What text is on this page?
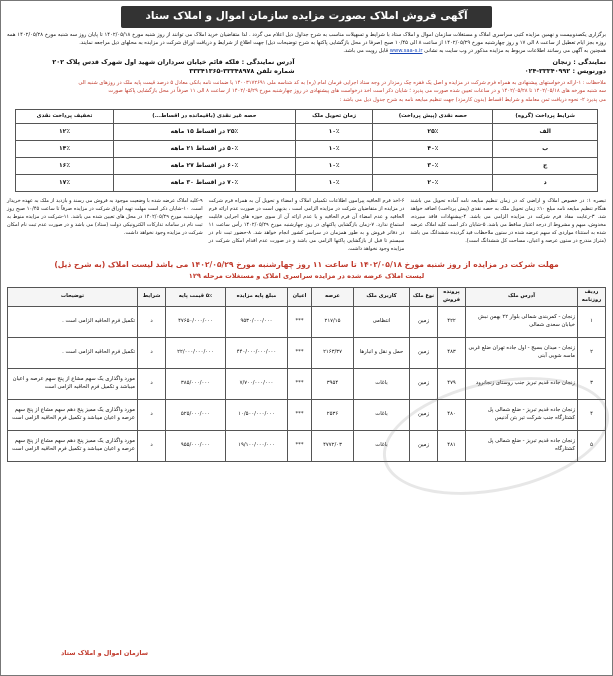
آگهی فروش املاک بصورت مزایده سازمان اموال و املاک ستاد
برگزاری یکصدوبیست و نهمین مزایده کتبی سراسری املاک و مستغلات سازمان اموال و املاک ستاد با شرایط و تسهیلات مناسب به شرح جداول ذیل اعلام می گردد . لذا متقاضیان خرید املاک می توانند از روز شنبه مورخ ۱۴۰۲/۰۵/۱۸ تا پایان روز سه شنبه مورخ ۱۴۰۲/۰۵/۲۸ همه روزه بجز ایام تعطیل از ساعت ۸ الی ۱۷ و روز چهارشنبه مورخ ۱۴۰۲/۰۵/۲۹ از ساعت ۸ الی ۱۰/۴۵ صبح (صرفا در محل بازگشایی پاکتها به شرح توضیحات ذیل) جهت اطلاع از شرایط و دریافت اوراق شرکت در مزایده به محلهای ذیل مراجعه نمایند.
همچنین به آگهی می رسانند اطلاعات مربوط به مزایده مذکور در وب سایت به نشانی www.saa-s.ir قابل رویت می باشد.
نمایندگی : زنجان
دورنویس : ۳۳۳۴۰۹۹۲-۰۲۴
آدرس نمایندگی : فلکه قائم خیابان سرداران شهید اول شهرک قدس پلاک ۲۰۲
شماره تلفن ۳۳۳۴۸۹۷۸-۳۳۳۴۱۳۶۵
ملاحظات : ۱-ارائه درخواستهای پیشنهادی به همراه فرم شرکت در مزایده و اصل یک فقره چک رمزدار در وجه ستاد اجرایی فرمان امام (ره) به کد شناسه ملی ۱۴۰۰۳۱۷۲۶۹۱ یا ضمانت نامه بانکی معادل ۵ درصد قیمت پایه ملک در روزهای شنبه الی
سه شنبه مورخه های ۱۴۰۲/۰۵/۱۸ تا ۱۴۰۲/۰۵/۲۸ و در ساعات تعیین شده صورت می پذیرد ؛ شایان ذکر است اخذ درخواست های پیشنهادی در روز چهارشنبه مورخ ۱۴۰۲/۰۵/۲۹ از ساعت ۸ الی ۱۱ صرفاً در محل بازگشایی پاکتها صورت
می پذیرد ۲- نحوه دریافت ثمن معامله و شرایط اقساط (بدون کارمزد) جهت تنظیم مبایعه نامه به شرح جدول ذیل می باشد :
شرایط پرداخت (گروه)	حصه نقدی (پیش پرداخت)	زمان تحویل ملک	حصه غیر نقدی (باقیمانده در اقساط...)	تخفیف پرداخت نقدی
الف	۲۵٪	۱۰٪	۲۵٪ در اقساط ۱۵ ماهه	۱۲٪
ب	۴۰٪	۱۰٪	۵۰٪ در اقساط ۲۱ ماهه	۱۴٪
ج	۳۰٪	۱۰٪	۶۰٪ در اقساط ۲۷ ماهه	۱۶٪
د	۲۰٪	۱۰٪	۷۰٪ در اقساط ۳۰ ماهه	۱۷٪
تبصره ۱: در خصوص املاک و اراضی که در زمان تنظیم مبایعه نامه آماده تحویل می باشند هنگام تنظیم مبایعه نامه مبلغ ۱۰٪ زمان تحویل ملک به حصه نقدی (پیش پرداخت) اضافه خواهد شد. ۳-رعایت مفاد فرم شرکت در مزایده الزامی می باشد. ۴-پیشنهادات فاقد سپرده، مخدوش، مبهم و مشروط از درجه اعتبار ساقط می باشد. ۵-شایان ذکر است کلیه املاک عرضه شده به استثناء مواردی که سهم عرضه شده در ستون ملاحظات قید گردیده ششدانگ می باشد (متراژ مندرج در ستون عرصه و اعیان، مساحت کل ششدانگ است).
۶-اخذ فرم الحاقیه پیرامون اطلاعات تکمیلی املاک و امضاء و تحویل آن به همراه فرم شرکت در مزایده از متقاضیان شرکت در مزایده الزامی است ، بدیهی است در صورت عدم ارائه فرم الحاقیه و عدم امضاء آن فرم الحاقیه و یا عدم ارائه آن از سوی حوزه های اجرایی قابلیت استماع ندارد. ۷-زمان بازگشایی پاکتهای در روز چهارشنبه مورخ ۱۴۰۲/۰۵/۲۹ رأس ساعت ۱۱ در دفاتر فروش و به طور همزمان در سراسر کشور انجام خواهد شد. ۸-حضور ثبت نام در سیستم تا قبل از بازگشایی پاکتها الزامی می باشد و در صورت عدم اقدام امکان شرکت در مزایده وجود نخواهد داشت.
۹-کلیه املاک عرضه شده با وضعیت موجود به فروش می رسند و بازدید از ملک به عهده خریدار است. ۱۰-شایان ذکر است مهلت تهیه اوراق شرکت در مزایده صرفاً تا ساعت ۱۰/۴۵ صبح روز چهارشنبه مورخ ۱۴۰۲/۰۵/۲۹ در محل های تعیین شده می باشد. ۱۱-شرکت در مزایده منوط به ثبت نام در سامانه تدارکات الکترونیکی دولت (ستاد) می باشد و در صورت عدم ثبت نام امکان شرکت در مزایده وجود نخواهد داشت.
مهلت شرکت در مزایده از روز شنبه مورخ ۱۴۰۲/۰۵/۱۸ تا ساعت ۱۱ روز چهارشنبه مورخ ۱۴۰۲/۰۵/۲۹ می باشد لیست املاک (به شرح ذیل)
لیست املاک عرضه شده در مزایده سراسری املاک و مستغلات مرحله ۱۲۹
ردیف روزنامه	آدرس ملک	پرونده فروش	نوع ملک	کاربری ملک	عرصه	اعیان	مبلغ پایه مزایده	۵٪ قیمت پایه	شرایط	توضیحات
۱	زنجان - کمربندی شمالی بلوار ۲۲ بهمن نبش خیابان سعدی شمالی	۴۲۲	زمین	انتظامی	۲۱۷/۱۵	***	۹۵۳۰/۰۰۰/۰۰۰	۴۷۶۵۰/۰۰۰/۰۰۰	د	تکمیل فرم الحاقیه الزامی است .
۲	زنجان - میدان بسیج - اول جاده تهران ضلع غربی ماسه شویی آبنی	۴۸۳	زمین	حمل و نقل و انبارها	۲۱۶۳/۳۷	***	۴۴۰/۰۰۰/۰۰۰/۰۰۰	۲۲/۰۰۰/۰۰۰/۰۰۰	د	تکمیل فرم الحاقیه الزامی است .
۳	زنجان جاده قدیم تبریز جنب روستای زنجانرود	۴۷۹	زمین	باغات	۳۹۵۴	***	۷/۷۰۰/۰۰۰/۰۰۰	۳۸۵/۰۰۰/۰۰۰	د	مورد واگذاری یک سهم مشاع از پنج سهم عرصه و اعیان میباشد و تکمیل فرم الحاقیه الزامی است
۴	زنجان جاده قدیم تبریز - ضلع شمالی پل کشتارگاه جنب شرکت تیر بتن آدنیس	۴۸۰	زمین	باغات	۲۵۳۶	***	۱۰/۵۰۰/۰۰۰/۰۰۰	۵۲۵/۰۰۰/۰۰۰	د	مورد واگذاری یک ممیز پنج دهم سهم مشاع از پنج سهم عرصه و اعیان میباشد و تکمیل فرم الحاقیه الزامی است
۵	زنجان جاده قدیم تبریز - ضلع شمالی پل کشتارگاه	۴۸۱	زمین	باغات	۴۷۷۲/۰۳	***	۱۹/۱۰۰/۰۰۰/۰۰۰	۹۵۵/۰۰۰/۰۰۰	د	مورد واگذاری یک ممیز پنج دهم سهم مشاع از پنج سهم عرصه و اعیان میباشد و تکمیل فرم الحاقیه الزامی است
سازمان اموال و املاک ستاد
